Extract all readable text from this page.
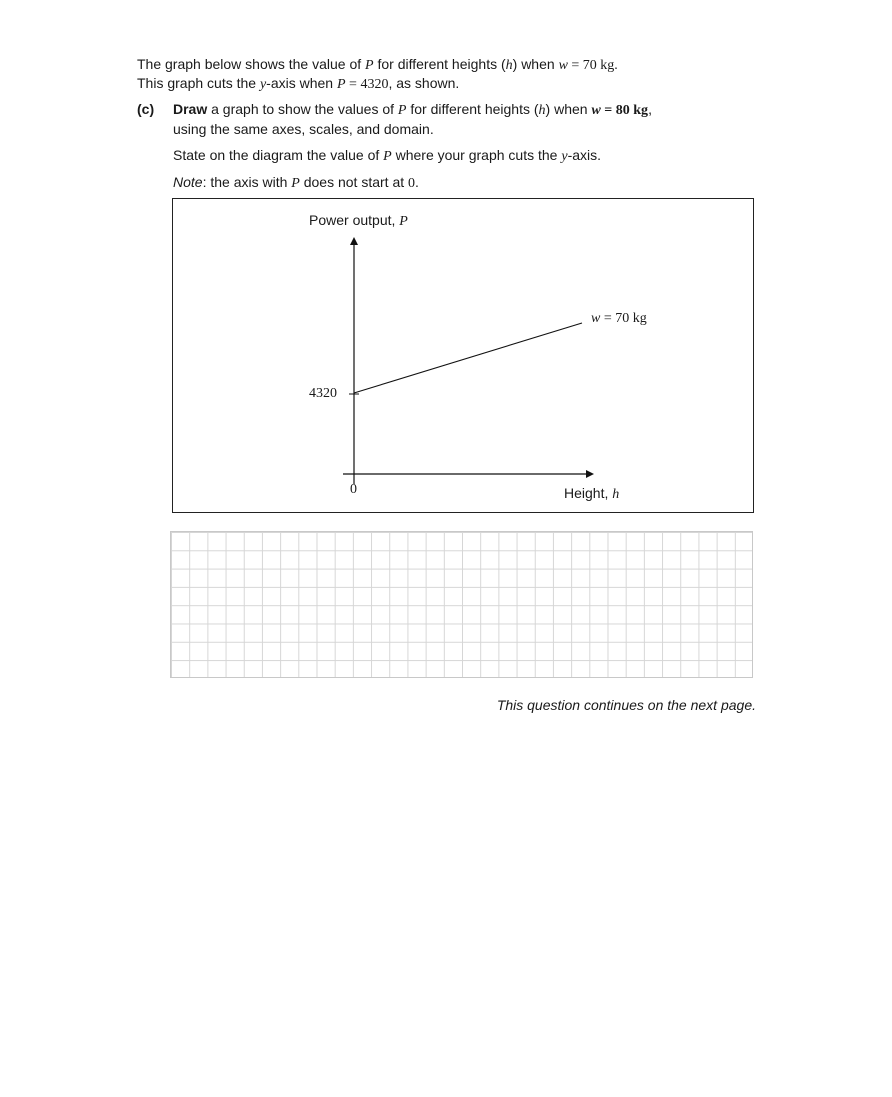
The graph below shows the value of P for different heights (h) when w = 70 kg.
This graph cuts the y-axis when P = 4320, as shown.
(c) Draw a graph to show the values of P for different heights (h) when w = 80 kg,
using the same axes, scales, and domain.
State on the diagram the value of P where your graph cuts the y-axis.
Note: the axis with P does not start at 0.
Power output, P
4320
0	Height, h
w = 70 kg
This question continues on the next page.
